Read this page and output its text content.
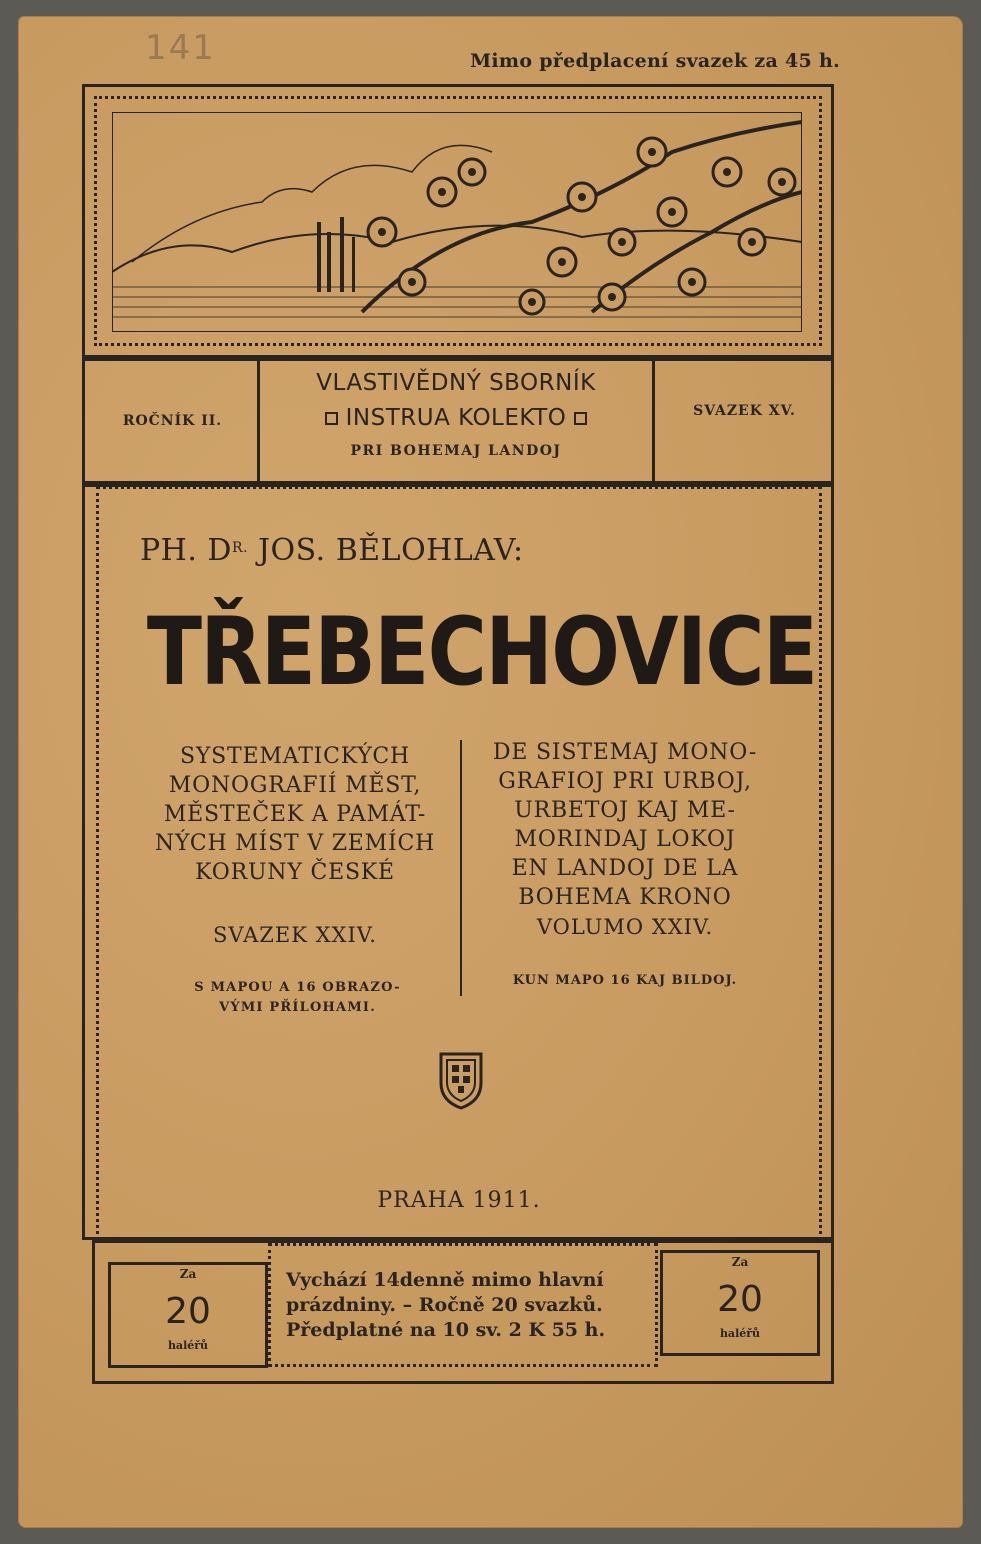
141	Mimo předplacení svazek za 45 h.
ROČNÍK II.
SVAZEK XV.
VLASTIVĚDNÝ SBORNÍK
INSTRUA KOLEKTO
PRI BOHEMAJ LANDOJ
PH. $D^{R.}$ JOS. BĚLOHLAV:
TŘEBECHOVICE
SYSTEMATICKÝCH
MONOGRAFIÍ MĚST,
MĚSTEČEK A PAMÁT-
NÝCH MÍST V ZEMÍCH
KORUNY ČESKÉ
DE SISTEMAJ MONO-
GRAFIOJ PRI URBOJ,
URBETOJ KAJ ME-
MORINDAJ LOKOJ
EN LANDOJ DE LA
BOHEMA KRONO
SVAZEK XXIV.	VOLUMO XXIV.
S MAPOU A 16 OBRAZO-
VÝMI PŘÍLOHAMI.
KUN MAPO 16 KAJ BILDOJ.
PRAHA 1911.
Za
20
haléřů
Za
20
haléřů
Vychází 14denně mimo hlavní
prázdniny. – Ročně 20 svazků.
Předplatné na 10 sv. 2 K 55 h.
